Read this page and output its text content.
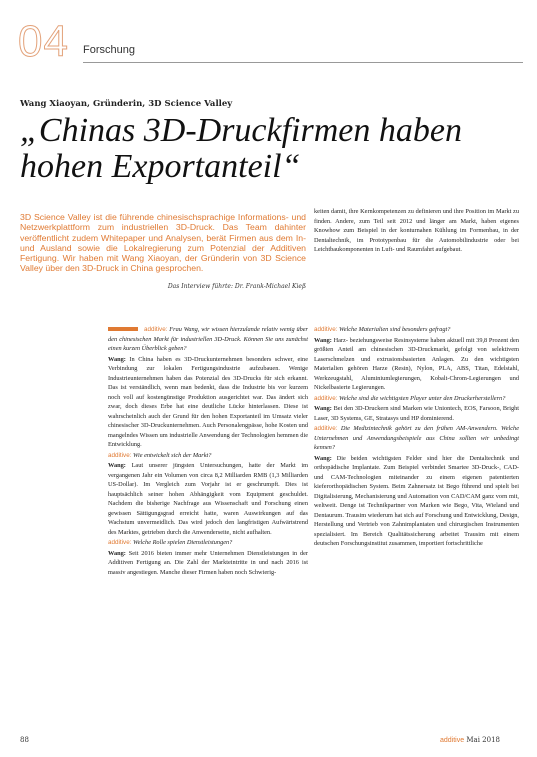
04 Forschung
Wang Xiaoyan, Gründerin, 3D Science Valley
„Chinas 3D-Druckfirmen haben hohen Exportanteil“
3D Science Valley ist die führende chinesischsprachige Informations- und Netzwerkplattform zum industriellen 3D-Druck. Das Team dahinter veröffentlicht zudem Whitepaper und Analysen, berät Firmen aus dem In- und Ausland sowie die Lokalregierung zum Potenzial der Additiven Fertigung. Wir haben mit Wang Xiaoyan, der Gründerin von 3D Science Valley über den 3D-Druck in China gesprochen.
Das Interview führte: Dr. Frank-Michael Kieß

keiten damit, ihre Kernkompetenzen zu definieren und ihre Position im Markt zu finden. Andere, zum Teil seit 2012 und länger am Markt, haben eigenes Knowhow zum Beispiel in der konturnahen Kühlung im Formenbau, in der Dentaltechnik, im Prototypenbau für die Automobilindustrie oder bei Leichtbaukomponenten in Luft- und Raumfahrt aufgebaut.

additive: Frau Wang, wir wissen hierzulande relativ wenig über den chinesischen Markt für industriellen 3D-Druck. Können Sie uns zunächst einen kurzen Überblick geben?

Wang: In China haben es 3D-Druckunternehmen besonders schwer, eine Verbindung zur lokalen Fertigungsindustrie aufzubauen. Wenige Industrieunternehmen haben das Potenzial des 3D-Drucks für sich erkannt. Das ist verständlich, wenn man bedenkt, dass die Industrie bis vor kurzem noch voll auf kostengünstige Produktion ausgerichtet war. Das ändert sich zwar, doch dieses Erbe hat eine deutliche Lücke hinterlassen. Diese ist wahrscheinlich auch der Grund für den hohen Exportanteil im Umsatz vieler chinesischer 3D-Druckunternehmen. Auch Personalengpässe, hohe Kosten und mangelndes Wissen um industrielle Anwendung der Technologien hemmen die Entwicklung.

additive: Wie entwickelt sich der Markt?

Wang: Laut unserer jüngsten Untersuchungen, hatte der Markt im vergangenen Jahr ein Volumen von circa 8,2 Milliarden RMB (1,3 Milliarden US-Dollar). Im Vergleich zum Vorjahr ist er geschrumpft. Dies ist hauptsächlich seiner hohen Abhängigkeit vom Equipment geschuldet. Nachdem die bisherige Nachfrage aus Wissenschaft und Forschung einen gewissen Sättigungsgrad erreicht hatte, waren Auswirkungen auf das Wachstum unvermeidlich. Das wird jedoch den langfristigen Aufwärtstrend des Marktes, getrieben durch die Anwenderseite, nicht aufhalten.

additive: Welche Rolle spielen Dienstleistungen?

Wang: Seit 2016 bieten immer mehr Unternehmen Dienstleistungen in der Additiven Fertigung an. Die Zahl der Markteintritte in und nach 2016 ist massiv angestiegen. Manche dieser Firmen haben noch Schwierig-

additive: Welche Materialien sind besonders gefragt?

Wang: Harz- beziehungsweise Resinsysteme haben aktuell mit 39,8 Prozent den größten Anteil am chinesischen 3D-Druckmarkt, gefolgt von selektivem Laserschmelzen und extrusionsbasierten Anlagen. Zu den wichtigsten Materialien gehören Harze (Resin), Nylon, PLA, ABS, Titan, Edelstahl, Werkzeugstahl, Aluminiumlegierungen, Kobalt-Chrom-Legierungen und Nickelbasierte Legierungen.

additive: Welche sind die wichtigsten Player unter den Druckerherstellern?

Wang: Bei den 3D-Druckern sind Marken wie Uniontech, EOS, Farsoon, Bright Laser, 3D Systems, GE, Stratasys und HP dominierend.

additive: Die Medizintechnik gehört zu den frühen AM-Anwendern. Welche Unternehmen und Anwendungsbeispiele aus China sollten wir unbedingt kennen?

Wang: Die beiden wichtigsten Felder sind hier die Dentaltechnik und orthopädische Implantate. Zum Beispiel verbindet Smartee 3D-Druck-, CAD- und CAM-Technologien miteinander zu einem eigenen patentierten kieferorthopädischen System. Beim Zahnersatz ist Bego führend und spielt bei Digitalisierung, Mechanisierung und Automation von CAD/CAM ganz vorn mit, weltweit. Denge ist Technikpartner von Marken wie Bego, Vita, Wieland und Dentaurum. Trausim wiederum hat sich auf Forschung und Entwicklung, Design, Herstellung und Vertrieb von Zahnimplantaten und chirurgischen Instrumenten spezialisiert. Im Bereich Qualitätssicherung arbeitet Trausim mit einem deutschen Forschungsinstitut zusammen, importiert fortschrittliche

88	additive Mai 2018
